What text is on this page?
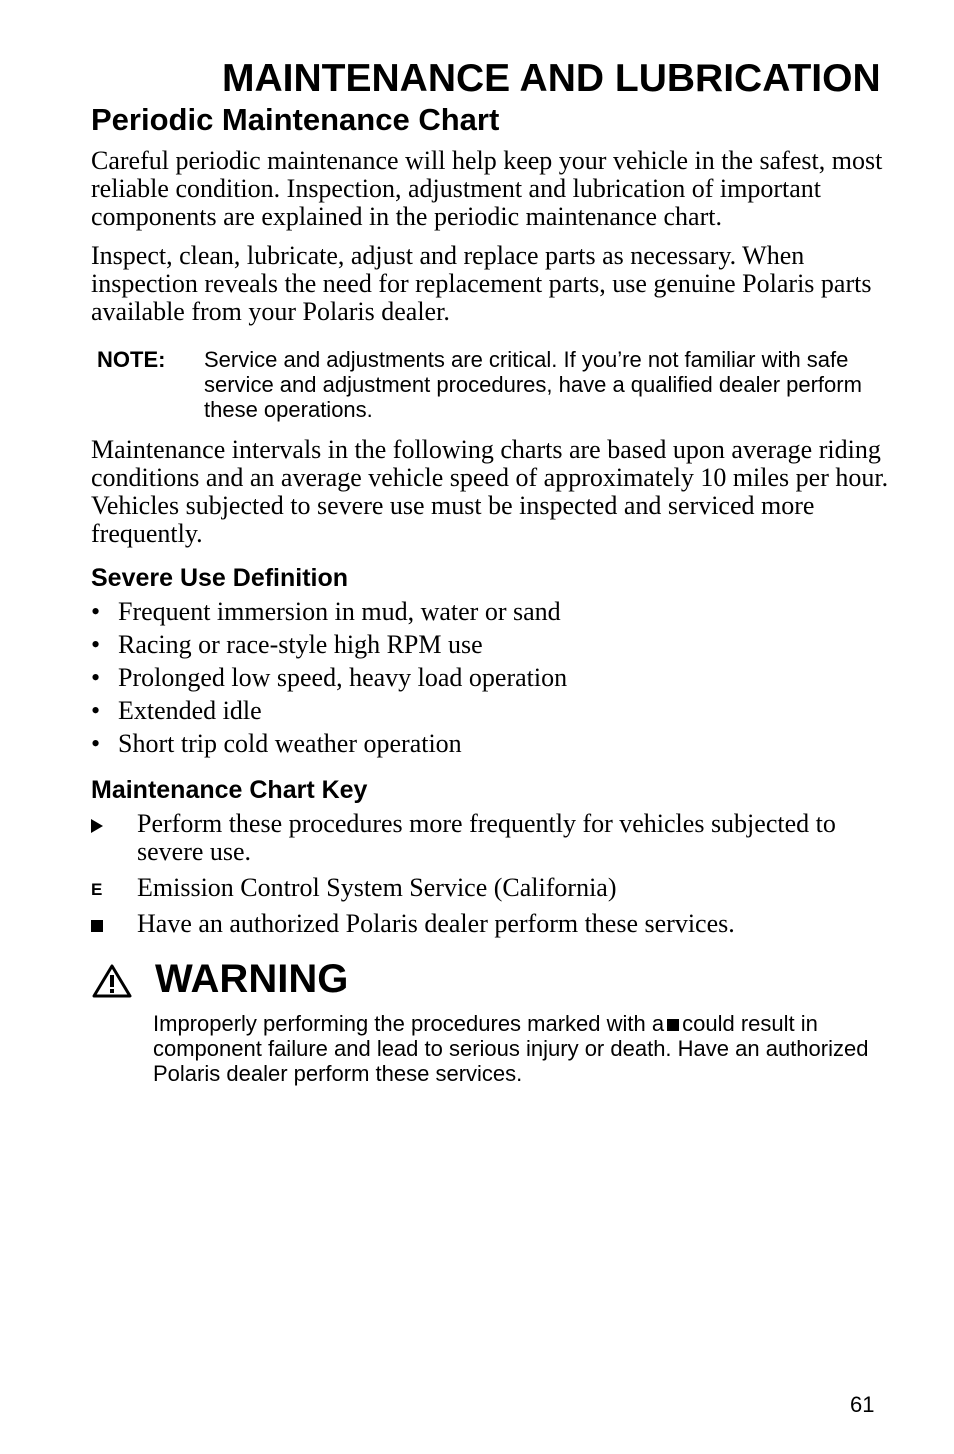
MAINTENANCE AND LUBRICATION
Periodic Maintenance Chart

Careful periodic maintenance will help keep your vehicle in the safest, most reliable condition. Inspection, adjustment and lubrication of important components are explained in the periodic maintenance chart.

Inspect, clean, lubricate, adjust and replace parts as necessary. When inspection reveals the need for replacement parts, use genuine Polaris parts available from your Polaris dealer.

NOTE: Service and adjustments are critical. If you’re not familiar with safe service and adjustment procedures, have a qualified dealer perform these operations.

Maintenance intervals in the following charts are based upon average riding conditions and an average vehicle speed of approximately 10 miles per hour. Vehicles subjected to severe use must be inspected and serviced more frequently.

Severe Use Definition
• Frequent immersion in mud, water or sand
• Racing or race-style high RPM use
• Prolonged low speed, heavy load operation
• Extended idle
• Short trip cold weather operation
Maintenance Chart Key

Perform these procedures more frequently for vehicles subjected to severe use.

E Emission Control System Service (California)

Have an authorized Polaris dealer perform these services.

WARNING

Improperly performing the procedures marked with a could result in component failure and lead to serious injury or death. Have an authorized Polaris dealer perform these services.

61
